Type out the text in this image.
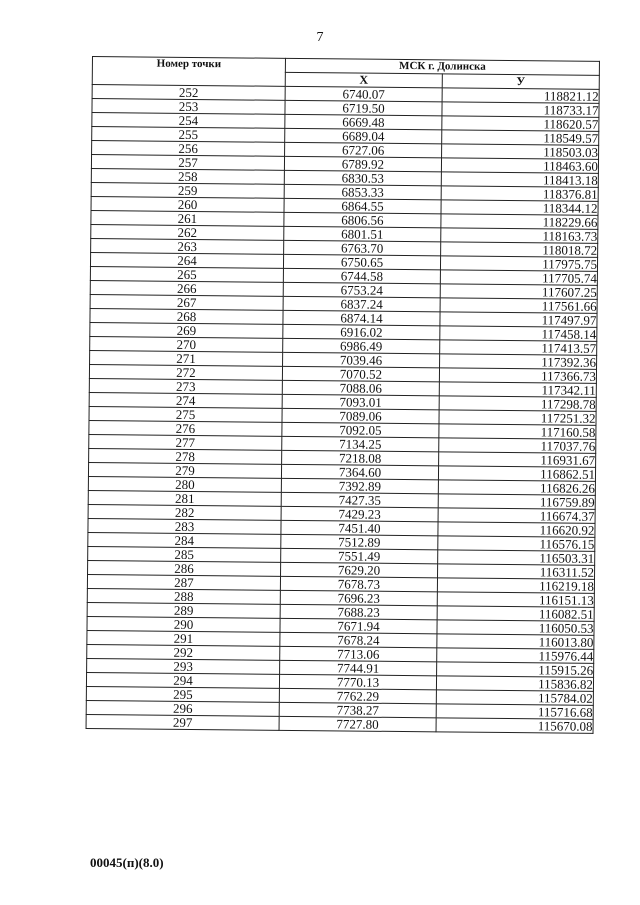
7
Номер точки	МСК г. Долинска	
	X	У
252	6740.07	118821.12
253	6719.50	118733.17
254	6669.48	118620.57
255	6689.04	118549.57
256	6727.06	118503.03
257	6789.92	118463.60
258	6830.53	118413.18
259	6853.33	118376.81
260	6864.55	118344.12
261	6806.56	118229.66
262	6801.51	118163.73
263	6763.70	118018.72
264	6750.65	117975.75
265	6744.58	117705.74
266	6753.24	117607.25
267	6837.24	117561.66
268	6874.14	117497.97
269	6916.02	117458.14
270	6986.49	117413.57
271	7039.46	117392.36
272	7070.52	117366.73
273	7088.06	117342.11
274	7093.01	117298.78
275	7089.06	117251.32
276	7092.05	117160.58
277	7134.25	117037.76
278	7218.08	116931.67
279	7364.60	116862.51
280	7392.89	116826.26
281	7427.35	116759.89
282	7429.23	116674.37
283	7451.40	116620.92
284	7512.89	116576.15
285	7551.49	116503.31
286	7629.20	116311.52
287	7678.73	116219.18
288	7696.23	116151.13
289	7688.23	116082.51
290	7671.94	116050.53
291	7678.24	116013.80
292	7713.06	115976.44
293	7744.91	115915.26
294	7770.13	115836.82
295	7762.29	115784.02
296	7738.27	115716.68
297	7727.80	115670.08
00045(п)(8.0)
